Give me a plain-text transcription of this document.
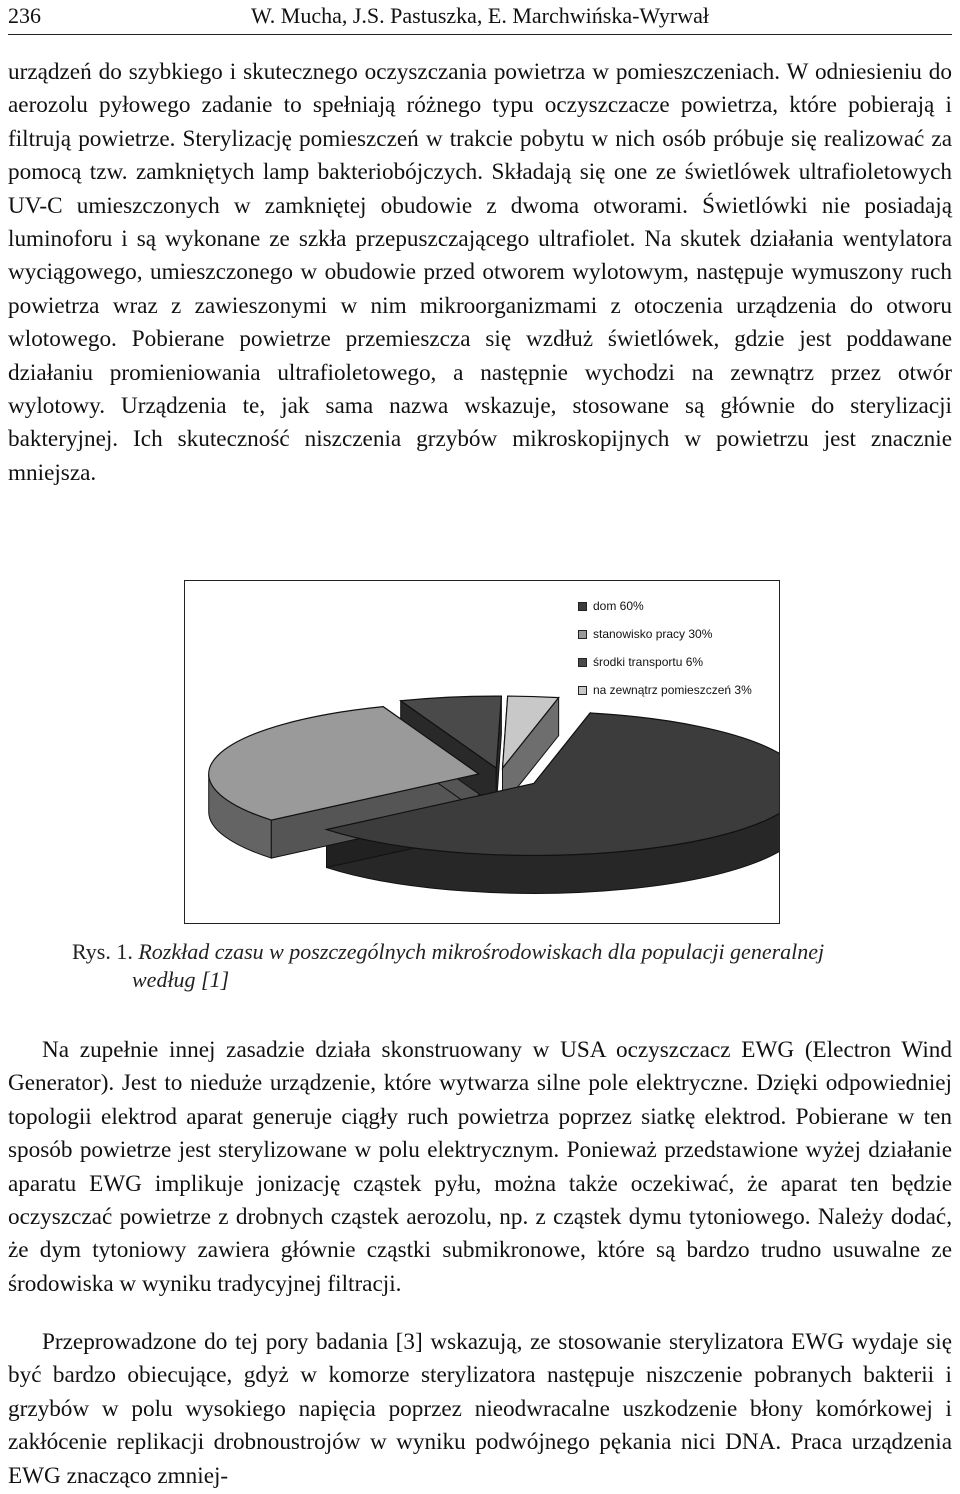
236	W. Mucha, J.S. Pastuszka, E. Marchwińska-Wyrwał

urządzeń do szybkiego i skutecznego oczyszczania powietrza w pomieszczeniach. W odniesieniu do aerozolu pyłowego zadanie to spełniają różnego typu oczyszczacze powietrza, które pobierają i filtrują powietrze. Sterylizację pomieszczeń w trakcie pobytu w nich osób próbuje się realizować za pomocą tzw. zamkniętych lamp bakteriobójczych. Składają się one ze świetlówek ultrafioletowych UV-C umieszczonych w zamkniętej obudowie z dwoma otworami. Świetlówki nie posiadają luminoforu i są wykonane ze szkła przepuszczającego ultrafiolet. Na skutek działania wentylatora wyciągowego, umieszczonego w obudowie przed otworem wylotowym, następuje wymuszony ruch powietrza wraz z zawieszonymi w nim mikroorganizmami z otoczenia urządzenia do otworu wlotowego. Pobierane powietrze przemieszcza się wzdłuż świetlówek, gdzie jest poddawane działaniu promieniowania ultrafioletowego, a następnie wychodzi na zewnątrz przez otwór wylotowy. Urządzenia te, jak sama nazwa wskazuje, stosowane są głównie do sterylizacji bakteryjnej. Ich skuteczność niszczenia grzybów mikroskopijnych w powietrzu jest znacznie mniejsza.

dom 60%
stanowisko pracy 30%
środki transportu 6%
na zewnątrz pomieszczeń 3%
Rys. 1. Rozkład czasu w poszczególnych mikrośrodowiskach dla populacji generalnej
według [1]

Na zupełnie innej zasadzie działa skonstruowany w USA oczyszczacz EWG (Electron Wind Generator). Jest to nieduże urządzenie, które wytwarza silne pole elektryczne. Dzięki odpowiedniej topologii elektrod aparat generuje ciągły ruch powietrza poprzez siatkę elektrod. Pobierane w ten sposób powietrze jest sterylizowane w polu elektrycznym. Ponieważ przedstawione wyżej działanie aparatu EWG implikuje jonizację cząstek pyłu, można także oczekiwać, że aparat ten będzie oczyszczać powietrze z drobnych cząstek aerozolu, np. z cząstek dymu tytoniowego. Należy dodać, że dym tytoniowy zawiera głównie cząstki submikronowe, które są bardzo trudno usuwalne ze środowiska w wyniku tradycyjnej filtracji.

Przeprowadzone do tej pory badania [3] wskazują, ze stosowanie sterylizatora EWG wydaje się być bardzo obiecujące, gdyż w komorze sterylizatora następuje niszczenie pobranych bakterii i grzybów w polu wysokiego napięcia poprzez nieodwracalne uszkodzenie błony komórkowej i zakłócenie replikacji drobnoustrojów w wyniku podwójnego pękania nici DNA. Praca urządzenia EWG znacząco zmniej-
